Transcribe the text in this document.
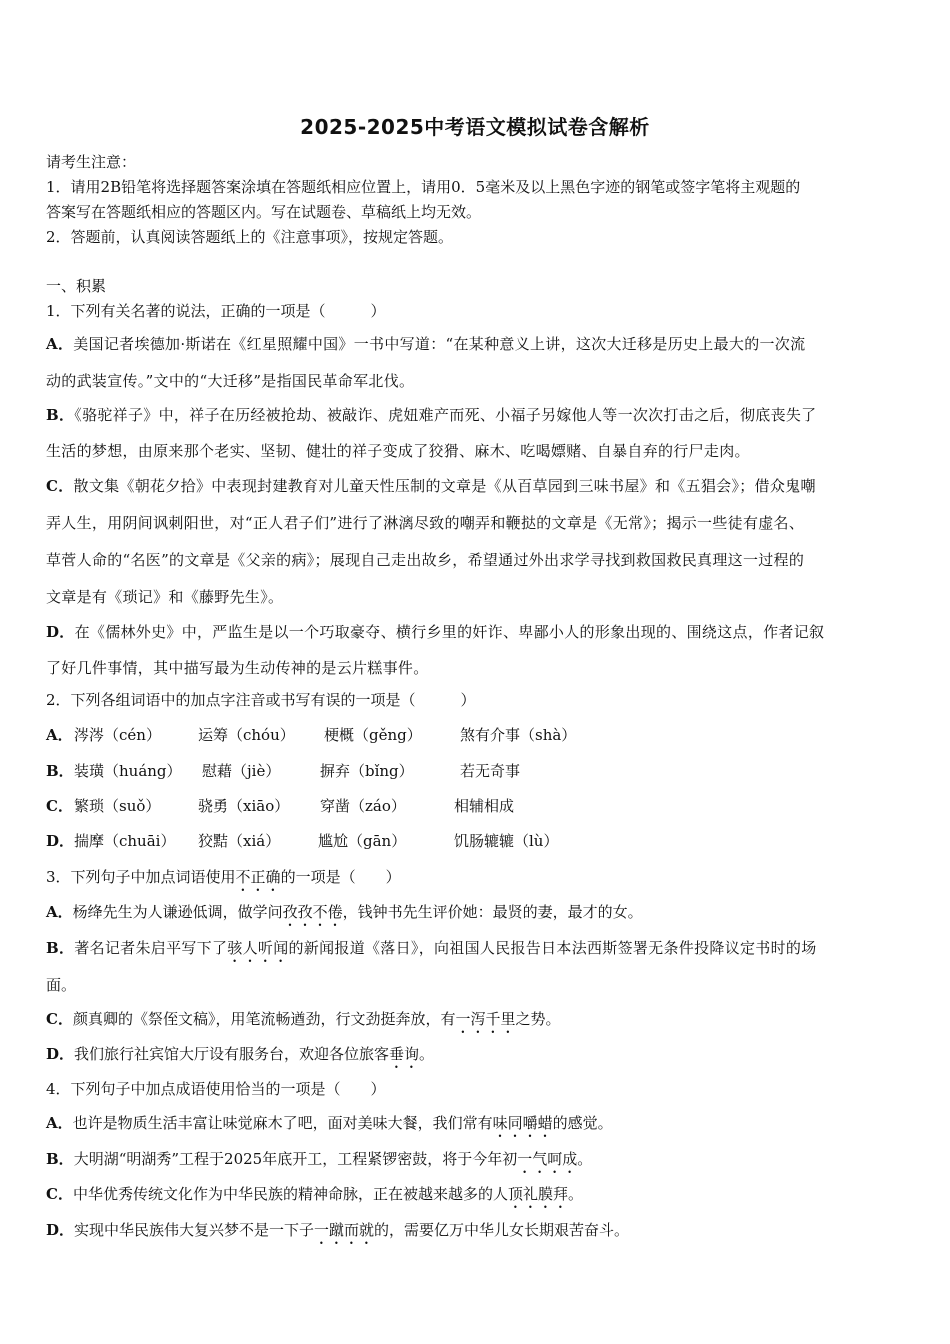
2025-2025中考语文模拟试卷含解析

请考生注意：

1．请用2B铅笔将选择题答案涂填在答题纸相应位置上，请用0．5毫米及以上黑色字迹的钢笔或签字笔将主观题的

答案写在答题纸相应的答题区内。写在试题卷、草稿纸上均无效。

2．答题前，认真阅读答题纸上的《注意事项》，按规定答题。

一、积累

1．下列有关名著的说法，正确的一项是（　　　）

A．美国记者埃德加·斯诺在《红星照耀中国》一书中写道：“在某种意义上讲，这次大迁移是历史上最大的一次流

动的武装宣传。”文中的“大迁移”是指国民革命军北伐。

B．《骆驼祥子》中，祥子在历经被抢劫、被敲诈、虎妞难产而死、小福子另嫁他人等一次次打击之后，彻底丧失了

生活的梦想，由原来那个老实、坚韧、健壮的祥子变成了狡猾、麻木、吃喝嫖赌、自暴自弃的行尸走肉。

C．散文集《朝花夕拾》中表现封建教育对儿童天性压制的文章是《从百草园到三味书屋》和《五猖会》；借众鬼嘲

弄人生，用阴间讽刺阳世，对“正人君子们”进行了淋漓尽致的嘲弄和鞭挞的文章是《无常》；揭示一些徒有虚名、

草菅人命的“名医”的文章是《父亲的病》；展现自己走出故乡，希望通过外出求学寻找到救国救民真理这一过程的

文章是有《琐记》和《藤野先生》。

D．在《儒林外史》中，严监生是以一个巧取豪夺、横行乡里的奸诈、卑鄙小人的形象出现的、围绕这点，作者记叙

了好几件事情，其中描写最为生动传神的是云片糕事件。

2．下列各组词语中的加点字注音或书写有误的一项是（　　　）

A． 涔涔（cén） 运筹（chóu） 梗概（gěng）	煞有介事（shà）
B． 装璜（huáng） 慰藉（jiè）	摒弃（bǐng）	若无奇事
C． 繁琐（suǒ）	骁勇（xiāo） 穿凿（záo）	相辅相成
D． 揣摩（chuāi） 狡黠（xiá）	尴尬（gān）	饥肠辘辘（lù）

3．下列句子中加点词语使用不正确的一项是（　　）

A．杨绛先生为人谦逊低调，做学问孜孜不倦，钱钟书先生评价她：最贤的妻，最才的女。

B．著名记者朱启平写下了骇人听闻的新闻报道《落日》，向祖国人民报告日本法西斯签署无条件投降议定书时的场

面。

C．颜真卿的《祭侄文稿》，用笔流畅遒劲，行文劲挺奔放，有一泻千里之势。

D．我们旅行社宾馆大厅设有服务台，欢迎各位旅客垂询。

4．下列句子中加点成语使用恰当的一项是（　　）

A．也许是物质生活丰富让味觉麻木了吧，面对美味大餐，我们常有味同嚼蜡的感觉。

B．大明湖“明湖秀”工程于2025年底开工，工程紧锣密鼓，将于今年初一气呵成。

C．中华优秀传统文化作为中华民族的精神命脉，正在被越来越多的人顶礼膜拜。

D．实现中华民族伟大复兴梦不是一下子一蹴而就的，需要亿万中华儿女长期艰苦奋斗。
